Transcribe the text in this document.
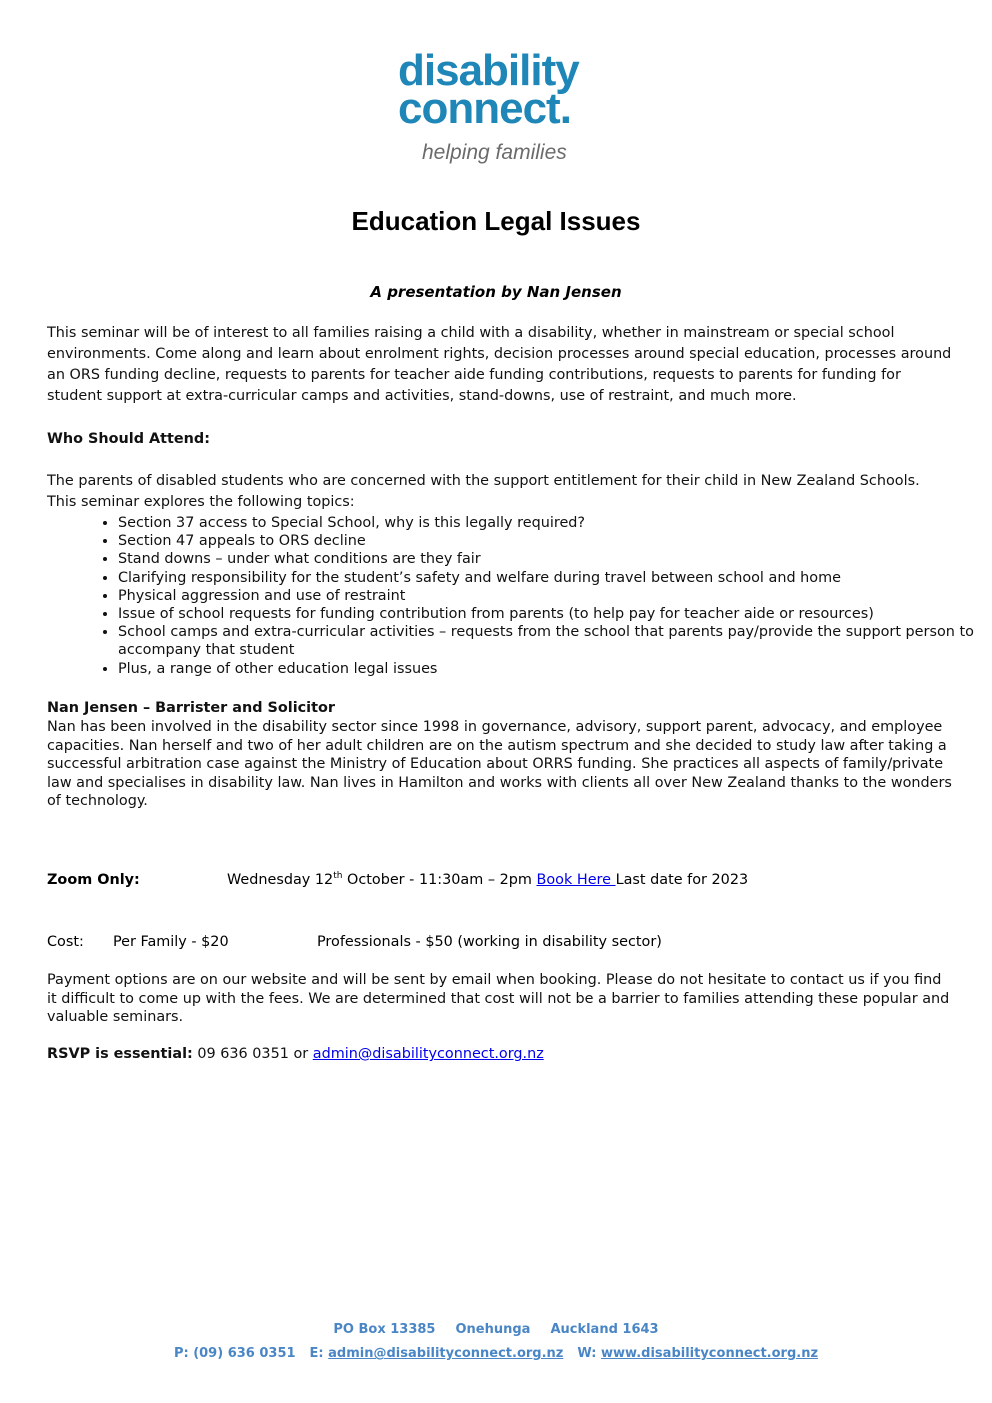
disability
connect.
helping families
Education Legal Issues
A presentation by Nan Jensen
This seminar will be of interest to all families raising a child with a disability, whether in mainstream or special school environments. Come along and learn about enrolment rights, decision processes around special education, processes around an ORS funding decline, requests to parents for teacher aide funding contributions, requests to parents for funding for student support at extra-curricular camps and activities, stand-downs, use of restraint, and much more.
Who Should Attend:
The parents of disabled students who are concerned with the support entitlement for their child in New Zealand Schools. This seminar explores the following topics:
• Section 37 access to Special School, why is this legally required?
• Section 47 appeals to ORS decline
• Stand downs – under what conditions are they fair
• Clarifying responsibility for the student’s safety and welfare during travel between school and home
• Physical aggression and use of restraint
• Issue of school requests for funding contribution from parents (to help pay for teacher aide or resources)
• School camps and extra-curricular activities – requests from the school that parents pay/provide the support person to accompany that student
• Plus, a range of other education legal issues
Nan Jensen – Barrister and Solicitor
Nan has been involved in the disability sector since 1998 in governance, advisory, support parent, advocacy, and employee capacities. Nan herself and two of her adult children are on the autism spectrum and she decided to study law after taking a successful arbitration case against the Ministry of Education about ORRS funding. She practices all aspects of family/private law and specialises in disability law. Nan lives in Hamilton and works with clients all over New Zealand thanks to the wonders of technology.
Zoom Only:	Wednesday 12th October - 11:30am – 2pm Book Here Last date for 2023
Cost: Per Family - $20	Professionals - $50 (working in disability sector)
Payment options are on our website and will be sent by email when booking. Please do not hesitate to contact us if you find it difficult to come up with the fees. We are determined that cost will not be a barrier to families attending these popular and valuable seminars.
RSVP is essential: 09 636 0351 or admin@disabilityconnect.org.nz
PO Box 13385 Onehunga Auckland 1643
P: (09) 636 0351 E: admin@disabilityconnect.org.nz W: www.disabilityconnect.org.nz
